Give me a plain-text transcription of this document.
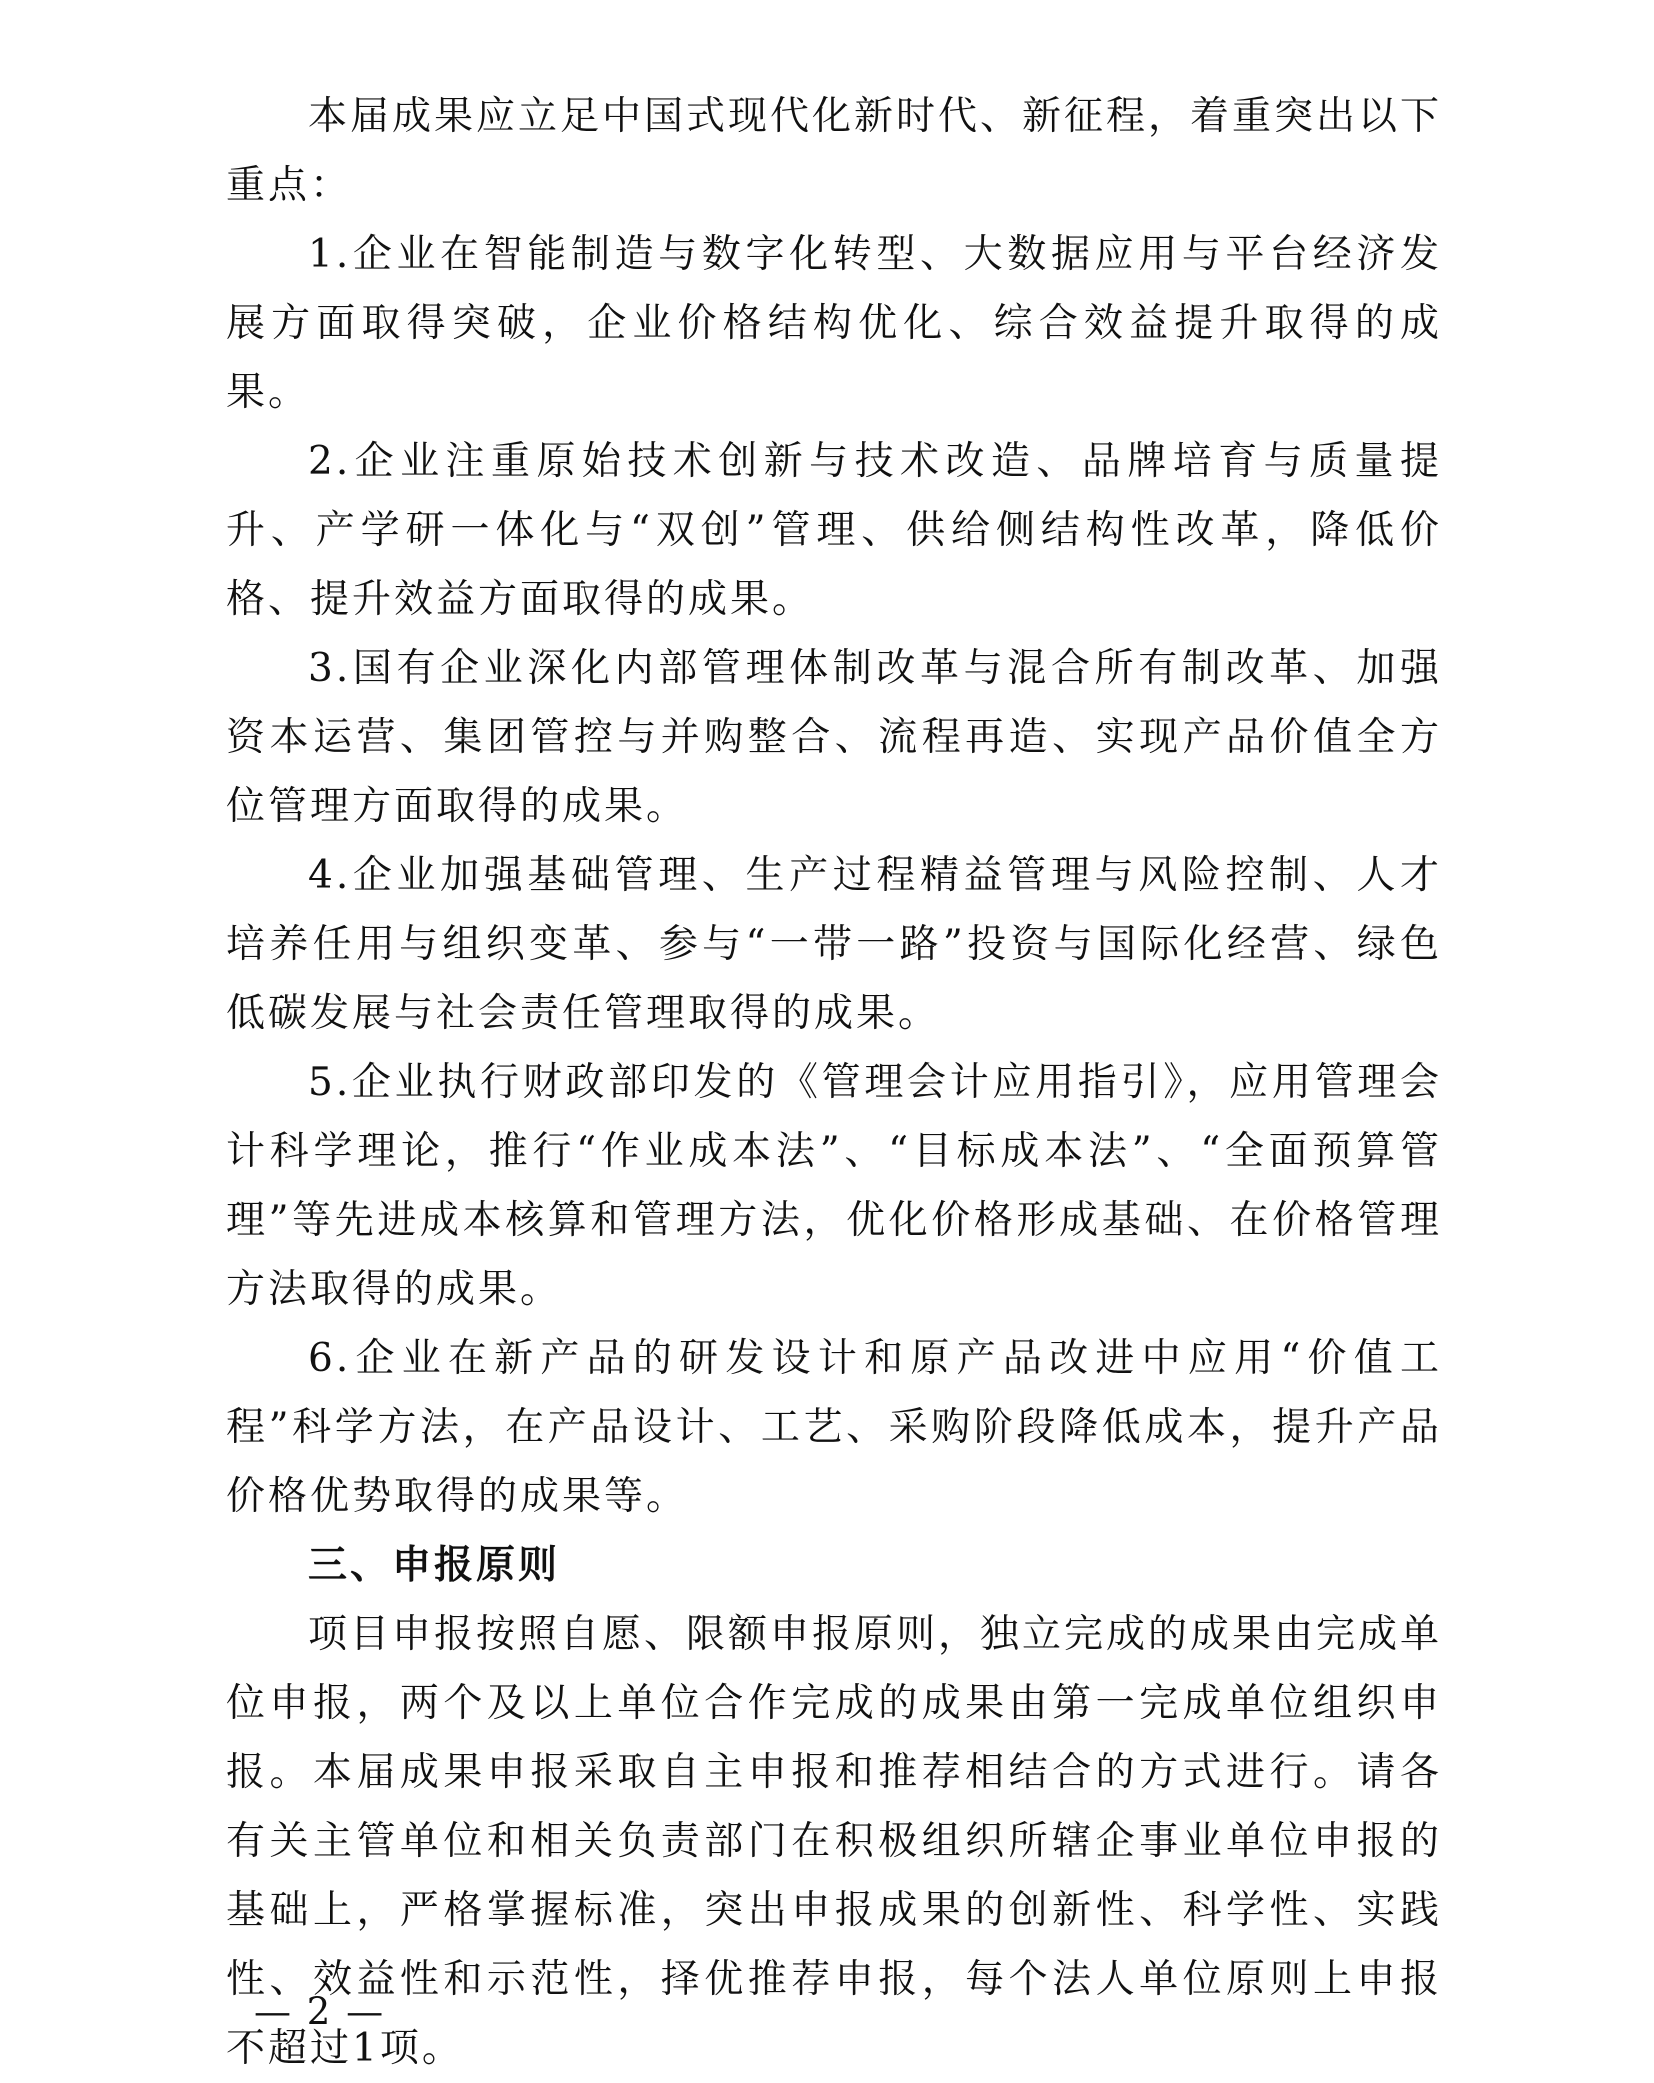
本届成果应立足中国式现代化新时代、新征程，着重突出以下重点：

1.企业在智能制造与数字化转型、大数据应用与平台经济发展方面取得突破，企业价格结构优化、综合效益提升取得的成果。

2.企业注重原始技术创新与技术改造、品牌培育与质量提升、产学研一体化与“双创”管理、供给侧结构性改革，降低价格、提升效益方面取得的成果。

3.国有企业深化内部管理体制改革与混合所有制改革、加强资本运营、集团管控与并购整合、流程再造、实现产品价值全方位管理方面取得的成果。

4.企业加强基础管理、生产过程精益管理与风险控制、人才培养任用与组织变革、参与“一带一路”投资与国际化经营、绿色低碳发展与社会责任管理取得的成果。

5.企业执行财政部印发的《管理会计应用指引》，应用管理会计科学理论，推行“作业成本法”、“目标成本法”、“全面预算管理”等先进成本核算和管理方法，优化价格形成基础、在价格管理方法取得的成果。

6.企业在新产品的研发设计和原产品改进中应用“价值工程”科学方法，在产品设计、工艺、采购阶段降低成本，提升产品价格优势取得的成果等。

三、申报原则

项目申报按照自愿、限额申报原则，独立完成的成果由完成单位申报，两个及以上单位合作完成的成果由第一完成单位组织申报。本届成果申报采取自主申报和推荐相结合的方式进行。请各有关主管单位和相关负责部门在积极组织所辖企事业单位申报的基础上，严格掌握标准，突出申报成果的创新性、科学性、实践性、效益性和示范性，择优推荐申报，每个法人单位原则上申报不超过1项。

— 2 —
